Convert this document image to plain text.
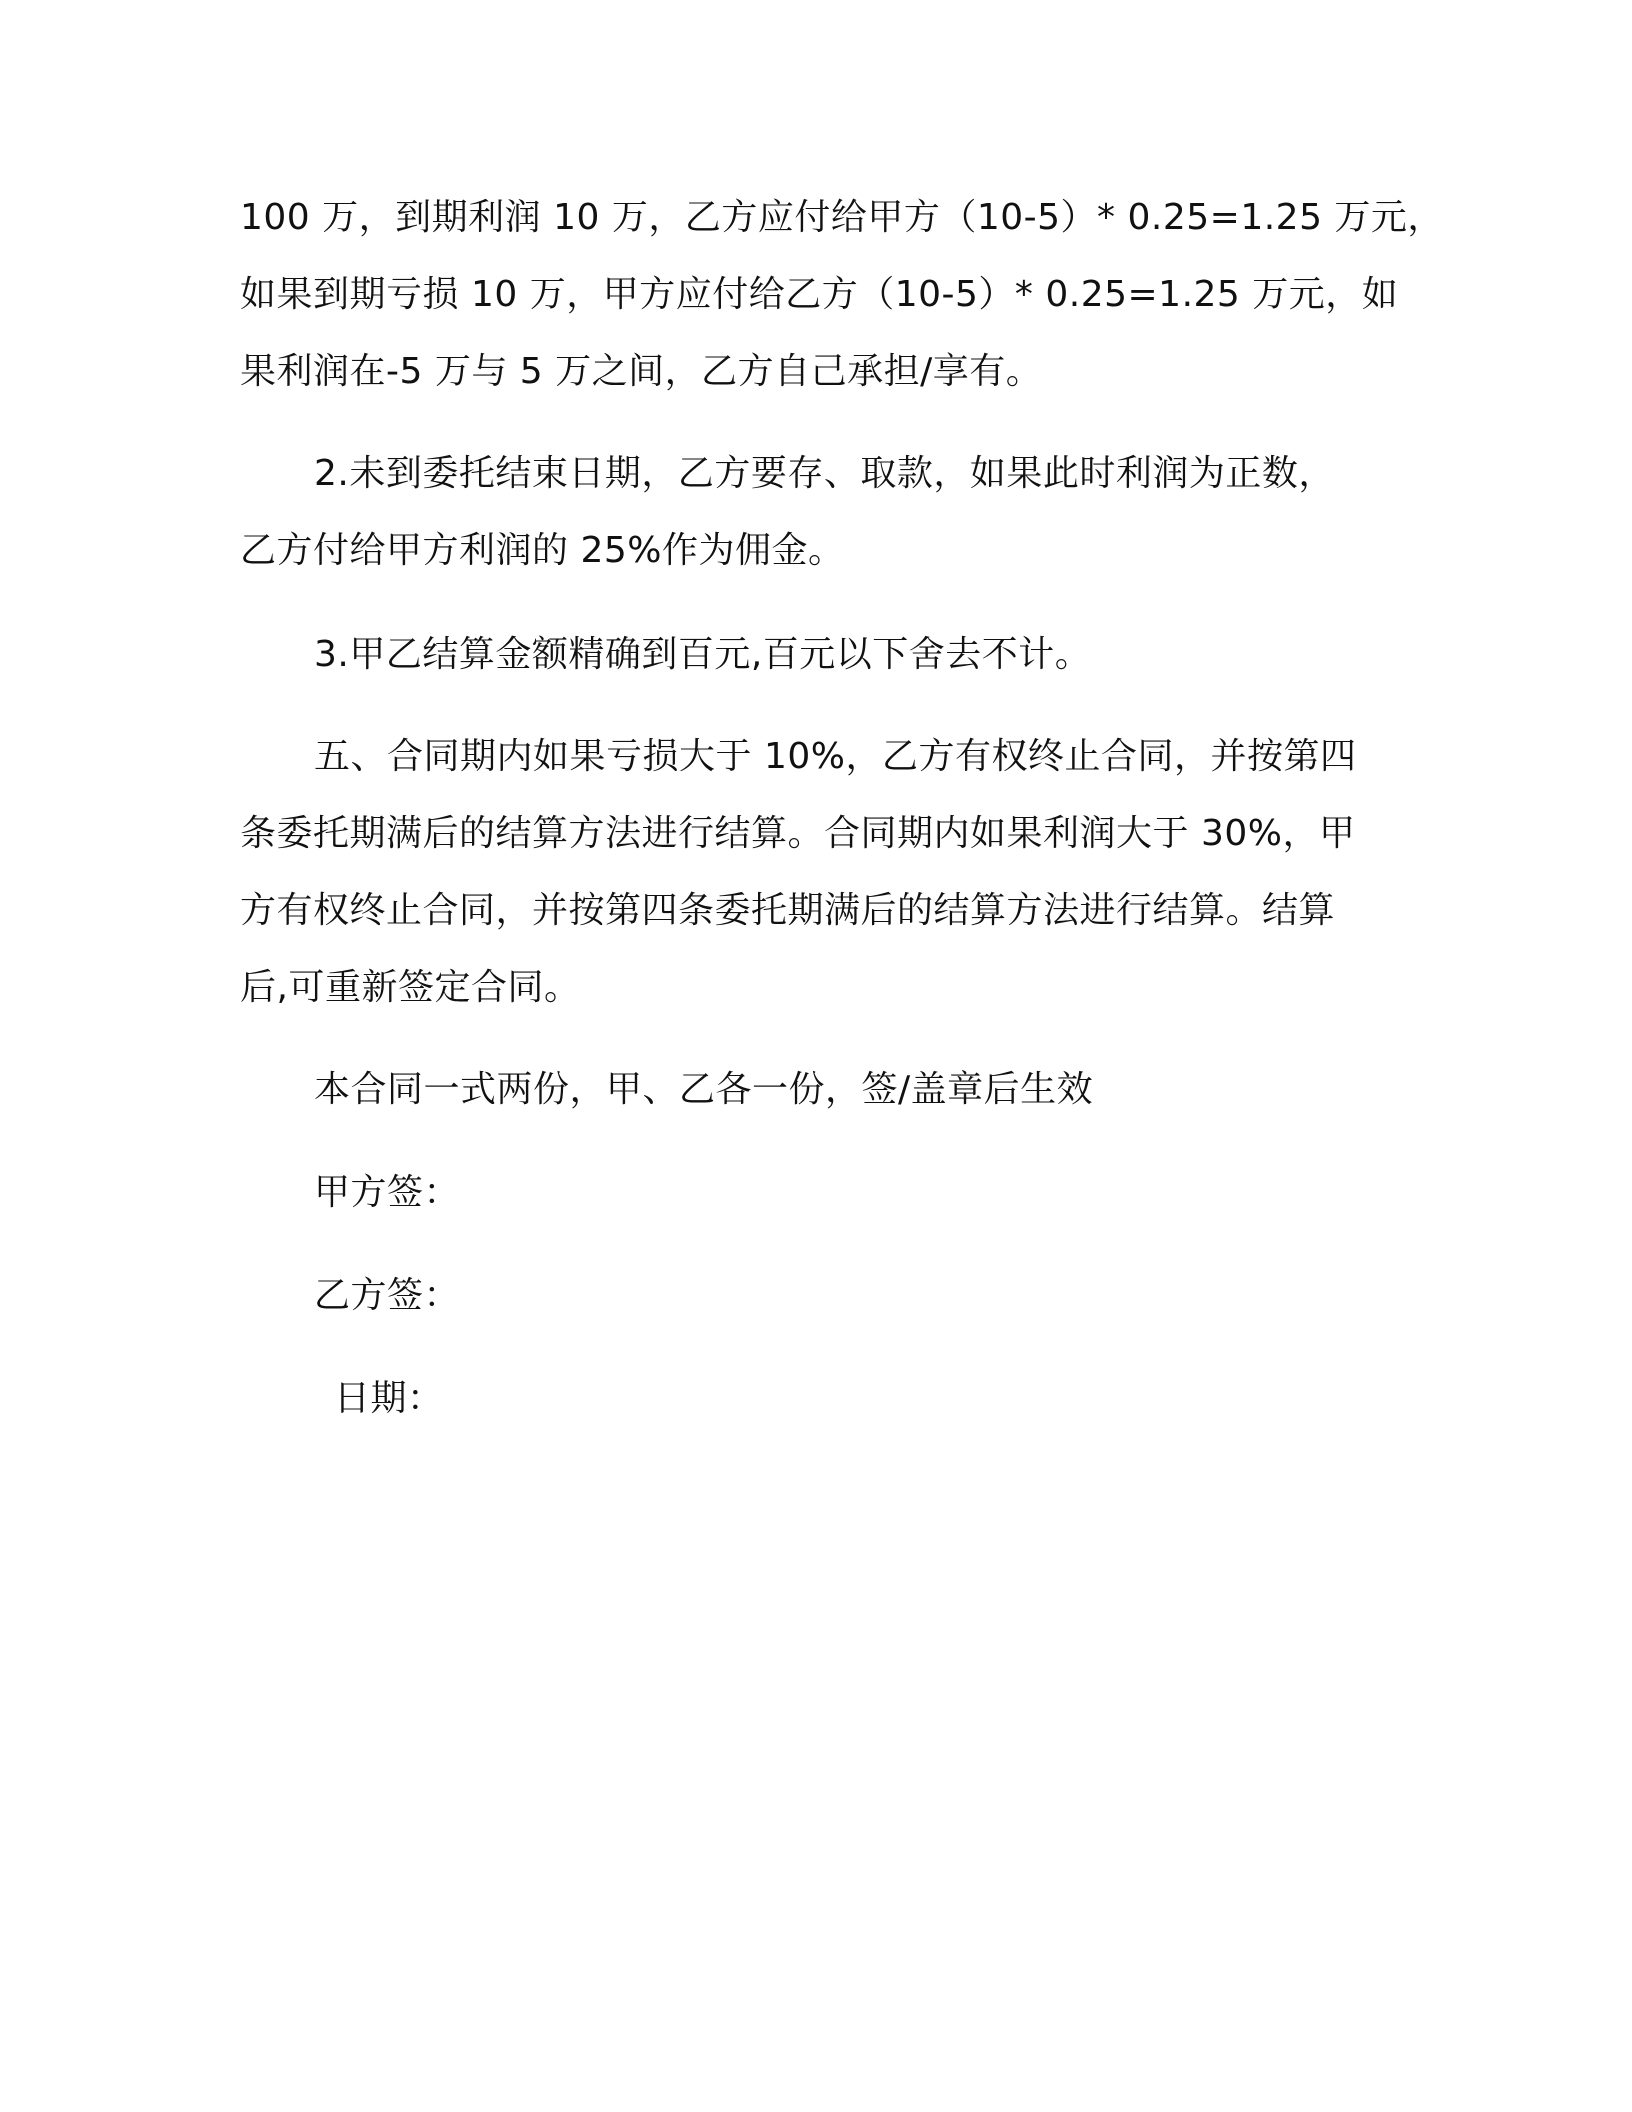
100 万，到期利润 10 万，乙方应付给甲方（10-5）* 0.25=1.25 万元，
如果到期亏损 10 万，甲方应付给乙方（10-5）* 0.25=1.25 万元，如
果利润在-5 万与 5 万之间，乙方自己承担/享有。
2.未到委托结束日期，乙方要存、取款，如果此时利润为正数，
乙方付给甲方利润的 25%作为佣金。
3.甲乙结算金额精确到百元,百元以下舍去不计。
五、合同期内如果亏损大于 10%，乙方有权终止合同，并按第四
条委托期满后的结算方法进行结算。合同期内如果利润大于 30%，甲
方有权终止合同，并按第四条委托期满后的结算方法进行结算。结算
后,可重新签定合同。
本合同一式两份，甲、乙各一份，签/盖章后生效
甲方签：
乙方签：
日期：
